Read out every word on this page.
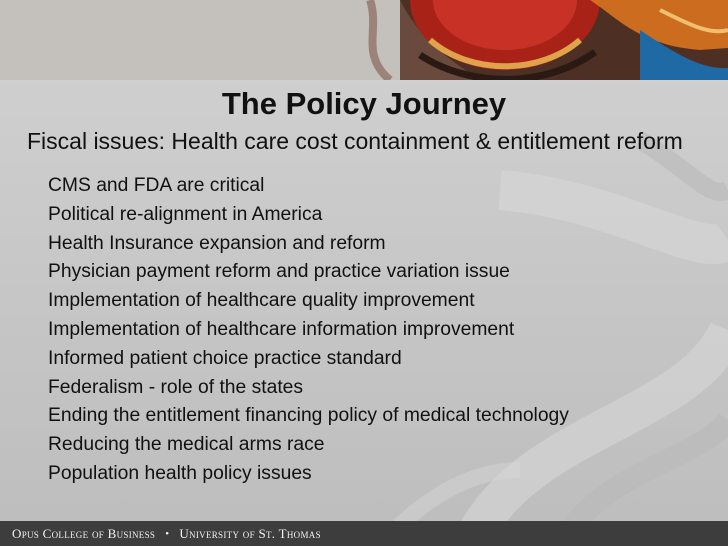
The Policy Journey

Fiscal issues: Health care cost containment & entitlement reform

CMS and FDA are critical
Political re-alignment in America
Health Insurance expansion and reform
Physician payment reform and practice variation issue
Implementation of healthcare quality improvement
Implementation of healthcare information improvement
Informed patient choice practice standard
Federalism - role of the states
Ending the entitlement financing policy of medical technology
Reducing the medical arms race
Population health policy issues
Opus College of Business • University of St. Thomas
